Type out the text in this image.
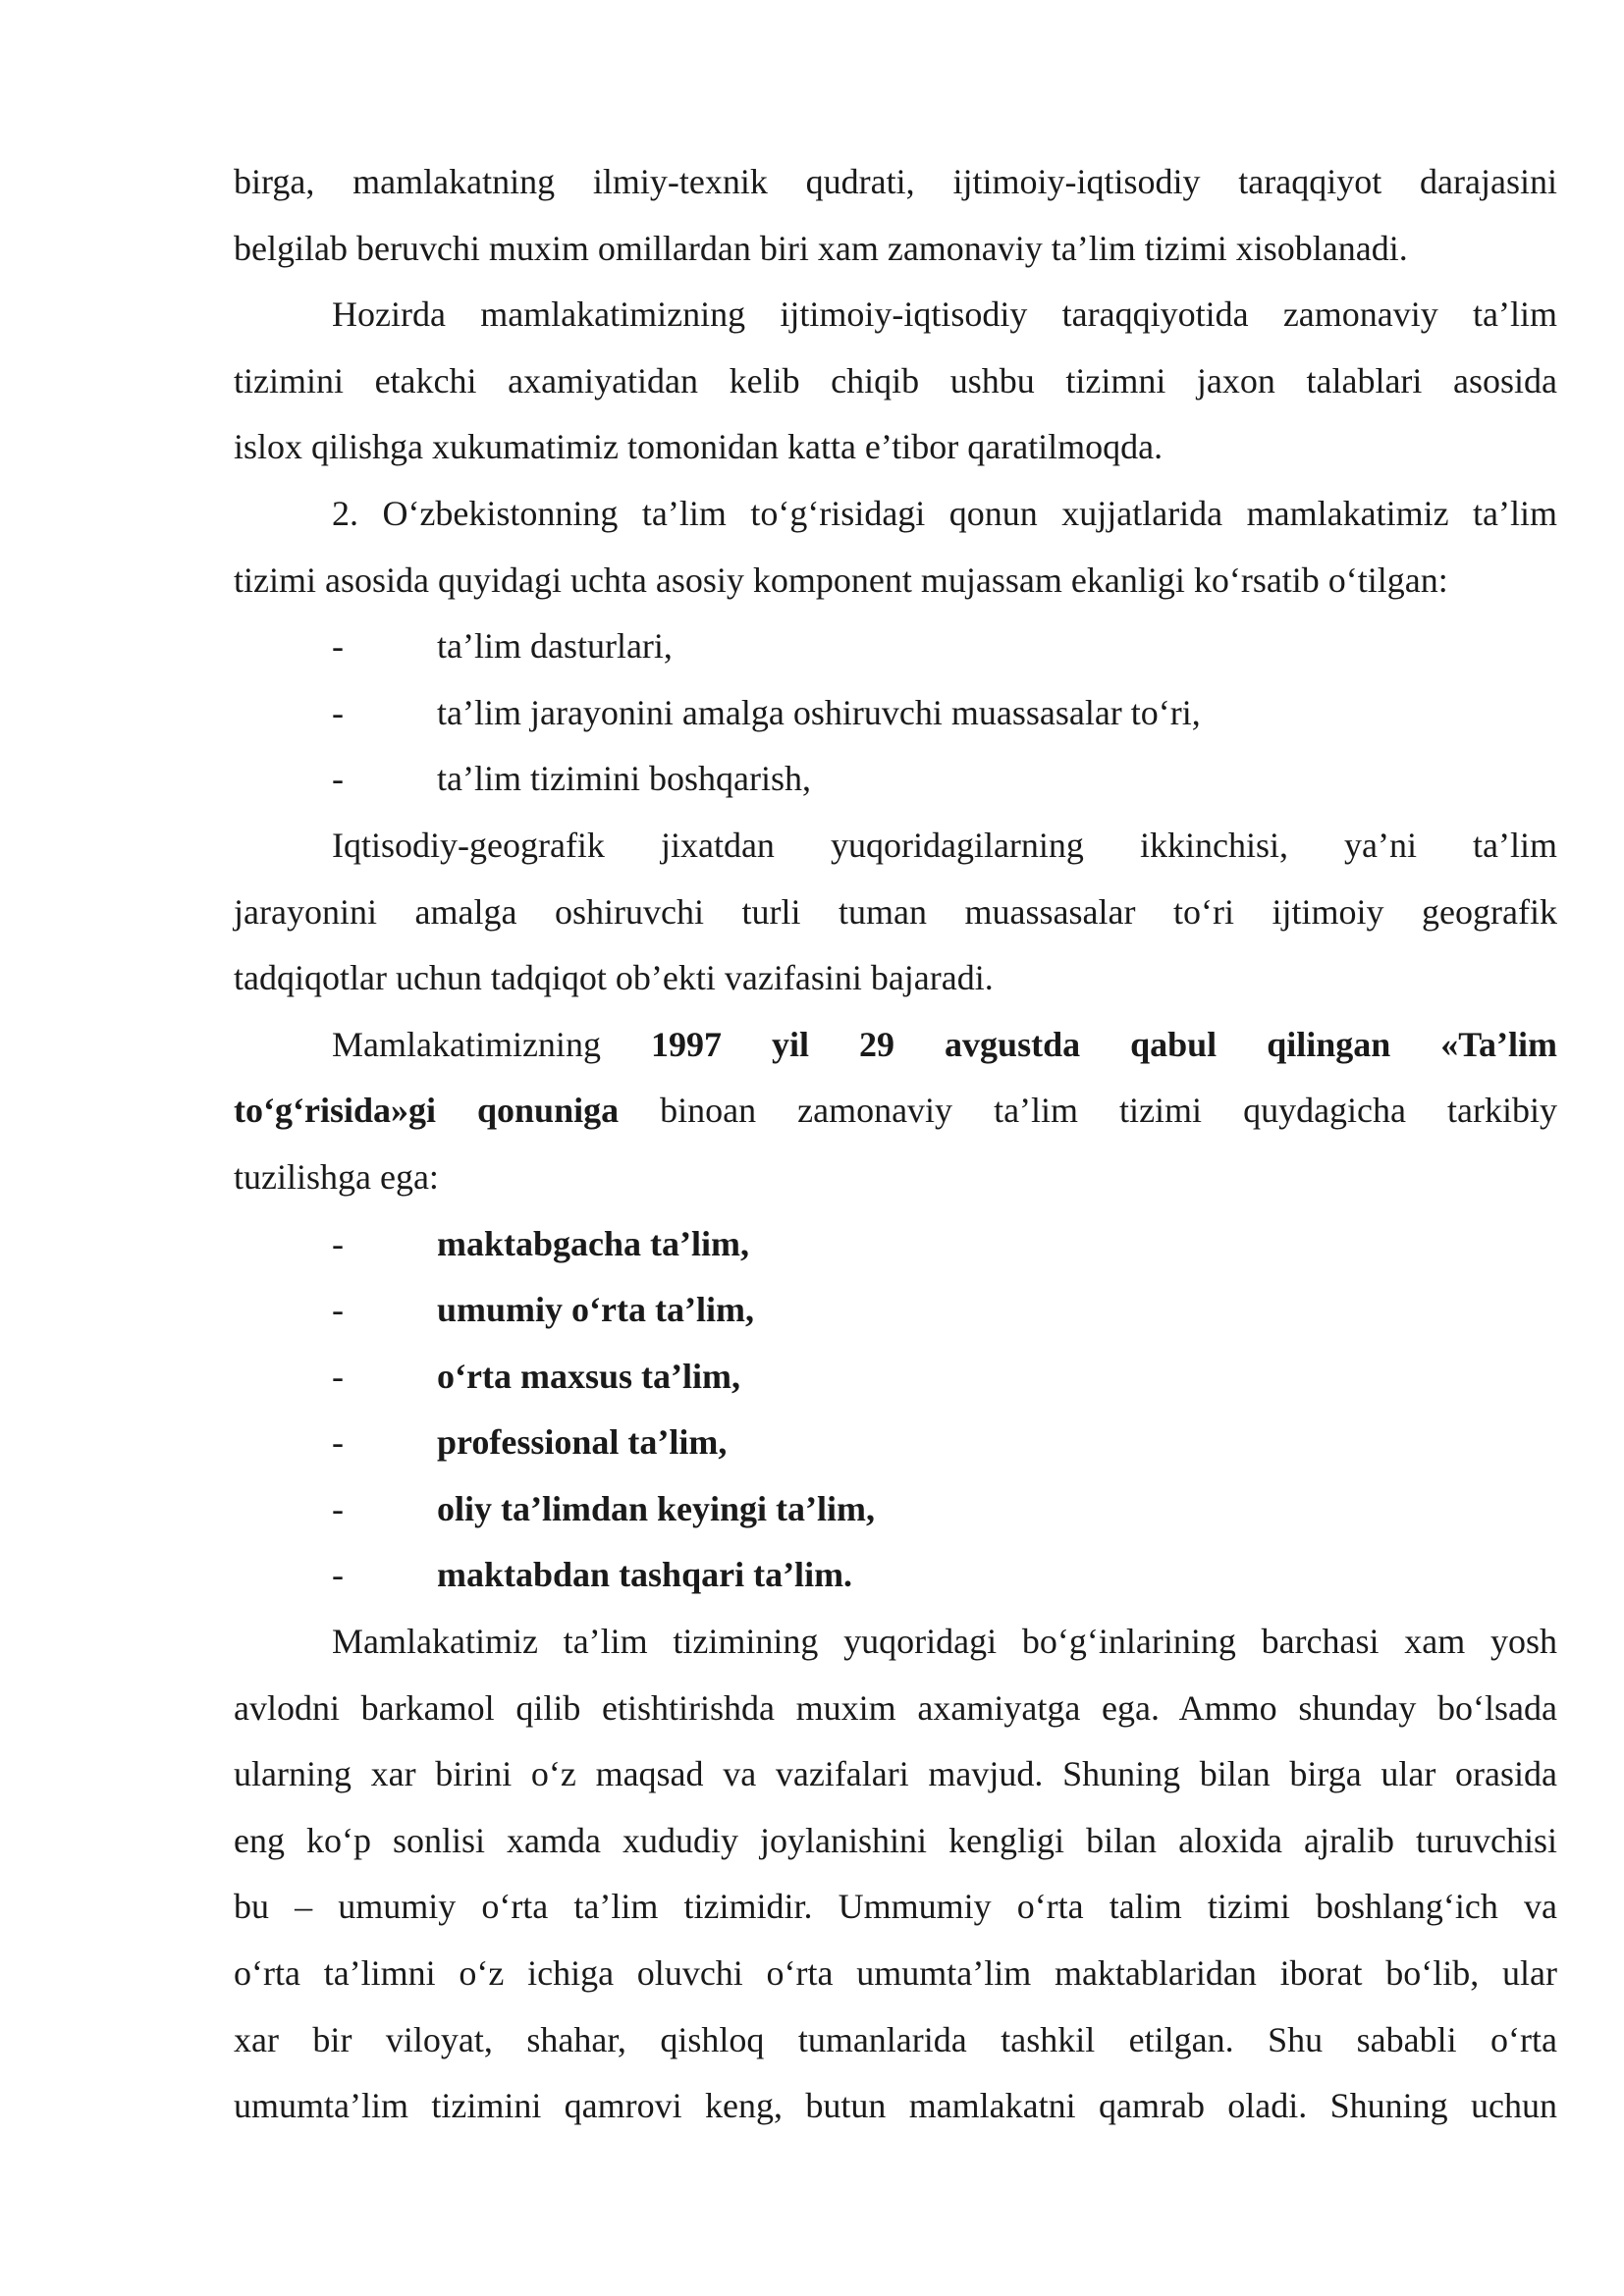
birga, mamlakatning ilmiy-texnik qudrati, ijtimoiy-iqtisodiy taraqqiyot darajasini
belgilab beruvchi muxim omillardan biri xam zamonaviy ta’lim tizimi xisoblanadi.
Hozirda mamlakatimizning ijtimoiy-iqtisodiy taraqqiyotida zamonaviy ta’lim
tizimini etakchi axamiyatidan kelib chiqib ushbu tizimni jaxon talablari asosida
islox qilishga xukumatimiz tomonidan katta e’tibor qaratilmoqda.
2. O‘zbekistonning ta’lim to‘g‘risidagi qonun xujjatlarida mamlakatimiz ta’lim
tizimi asosida quyidagi uchta asosiy komponent mujassam ekanligi ko‘rsatib o‘tilgan:
-	ta’lim dasturlari,
-	ta’lim jarayonini amalga oshiruvchi muassasalar to‘ri,
-	ta’lim tizimini boshqarish,
Iqtisodiy-geografik jixatdan yuqoridagilarning ikkinchisi, ya’ni ta’lim
jarayonini amalga oshiruvchi turli tuman muassasalar to‘ri ijtimoiy geografik
tadqiqotlar uchun tadqiqot ob’ekti vazifasini bajaradi.
Mamlakatimizning 1997 yil 29 avgustda qabul qilingan «Ta’lim
to‘g‘risida»gi qonuniga binoan zamonaviy ta’lim tizimi quydagicha tarkibiy
tuzilishga ega:
-	maktabgacha ta’lim,
-	umumiy o‘rta ta’lim,
-	o‘rta maxsus ta’lim,
-	professional ta’lim,
-	oliy ta’limdan keyingi ta’lim,
-	maktabdan tashqari ta’lim.
Mamlakatimiz ta’lim tizimining yuqoridagi bo‘g‘inlarining barchasi xam yosh
avlodni barkamol qilib etishtirishda muxim axamiyatga ega. Ammo shunday bo‘lsada
ularning xar birini o‘z maqsad va vazifalari mavjud. Shuning bilan birga ular orasida
eng ko‘p sonlisi xamda xududiy joylanishini kengligi bilan aloxida ajralib turuvchisi
bu – umumiy o‘rta ta’lim tizimidir. Ummumiy o‘rta talim tizimi boshlang‘ich va
o‘rta ta’limni o‘z ichiga oluvchi o‘rta umumta’lim maktablaridan iborat bo‘lib, ular
xar bir viloyat, shahar, qishloq tumanlarida tashkil etilgan. Shu sababli o‘rta
umumta’lim tizimini qamrovi keng, butun mamlakatni qamrab oladi. Shuning uchun
